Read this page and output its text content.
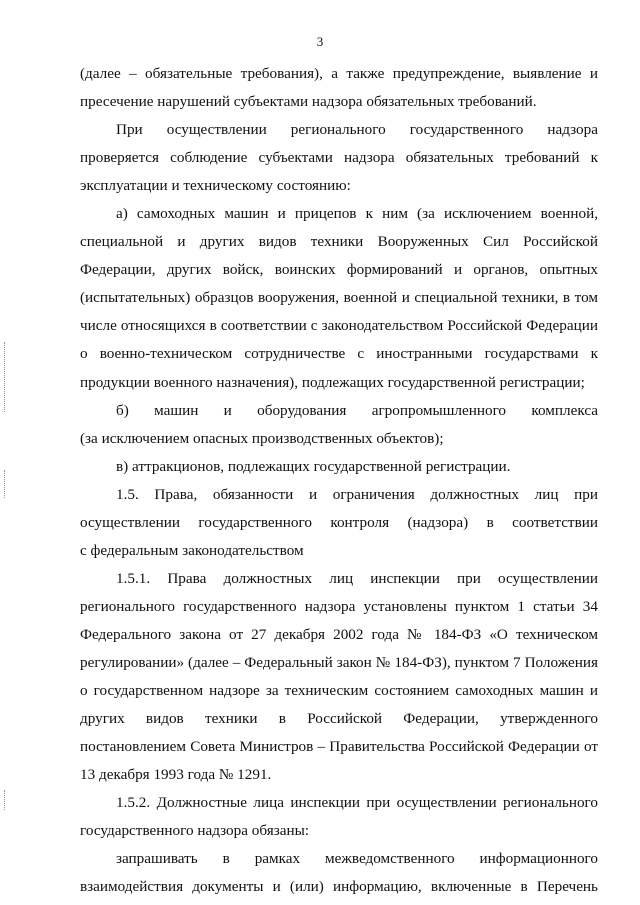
3
(далее – обязательные требования), а также предупреждение, выявление и
пресечение нарушений субъектами надзора обязательных требований.
При осуществлении регионального государственного надзора
проверяется соблюдение субъектами надзора обязательных требований к
эксплуатации и техническому состоянию:
а) самоходных машин и прицепов к ним (за исключением военной,
специальной и других видов техники Вооруженных Сил Российской
Федерации, других войск, воинских формирований и органов, опытных
(испытательных) образцов вооружения, военной и специальной техники, в том
числе относящихся в соответствии с законодательством Российской Федерации
о военно-техническом сотрудничестве с иностранными государствами к
продукции военного назначения), подлежащих государственной регистрации;
б) машин и оборудования агропромышленного комплекса
(за исключением опасных производственных объектов);
в) аттракционов, подлежащих государственной регистрации.
1.5. Права, обязанности и ограничения должностных лиц при
осуществлении государственного контроля (надзора) в соответствии
с федеральным законодательством
1.5.1. Права должностных лиц инспекции при осуществлении
регионального государственного надзора установлены пунктом 1 статьи 34
Федерального закона от 27 декабря 2002 года № 184-ФЗ «О техническом
регулировании» (далее – Федеральный закон № 184-ФЗ), пунктом 7 Положения
о государственном надзоре за техническим состоянием самоходных машин и
других видов техники в Российской Федерации, утвержденного
постановлением Совета Министров – Правительства Российской Федерации от
13 декабря 1993 года № 1291.
1.5.2. Должностные лица инспекции при осуществлении регионального
государственного надзора обязаны:
запрашивать в рамках межведомственного информационного
взаимодействия документы и (или) информацию, включенные в Перечень
